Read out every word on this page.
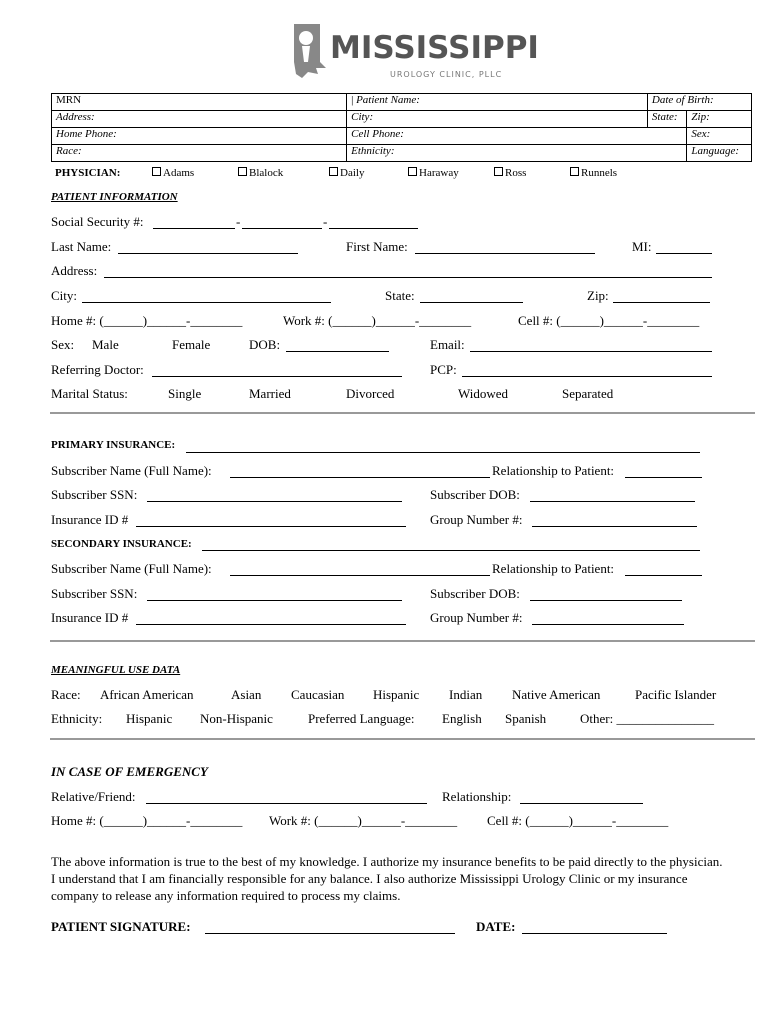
MISSISSIPPI
UROLOGY CLINIC, PLLC
MRN	| Patient Name:	Date of Birth:	
Address:	City:	State:	Zip:
Home Phone:	Cell Phone:		Sex:
Race:	Ethnicity:		Language:
PHYSICIAN:	Adams	Blalock	Daily	Haraway	Ross	Runnels
PATIENT INFORMATION
Social Security #:	-	-
Last Name:	First Name:	MI:
Address:
City:	State:	Zip:
Home #: (______)______-________	Work #: (______)______-________	Cell #: (______)______-________
Sex: Male	Female	DOB:	Email:
Referring Doctor:	PCP:
Marital Status:	Single	Married	Divorced	Widowed	Separated
PRIMARY INSURANCE:
Subscriber Name (Full Name):	Relationship to Patient:
Subscriber SSN:	Subscriber DOB:
Insurance ID #	Group Number #:
SECONDARY INSURANCE:
Subscriber Name (Full Name):	Relationship to Patient:
Subscriber SSN:	Subscriber DOB:
Insurance ID #	Group Number #:
MEANINGFUL USE DATA
Race: African American	Asian Caucasian Hispanic Indian Native American	Pacific Islander
Ethnicity: Hispanic Non-Hispanic	Preferred Language: English Spanish	Other: _______________
IN CASE OF EMERGENCY
Relative/Friend:	Relationship:
Home #: (______)______-________ Work #: (______)______-________ Cell #: (______)______-________
The above information is true to the best of my knowledge. I authorize my insurance benefits to be paid directly to the physician. I understand that I am financially responsible for any balance. I also authorize Mississippi Urology Clinic or my insurance company to release any information required to process my claims.
PATIENT SIGNATURE:	DATE:
